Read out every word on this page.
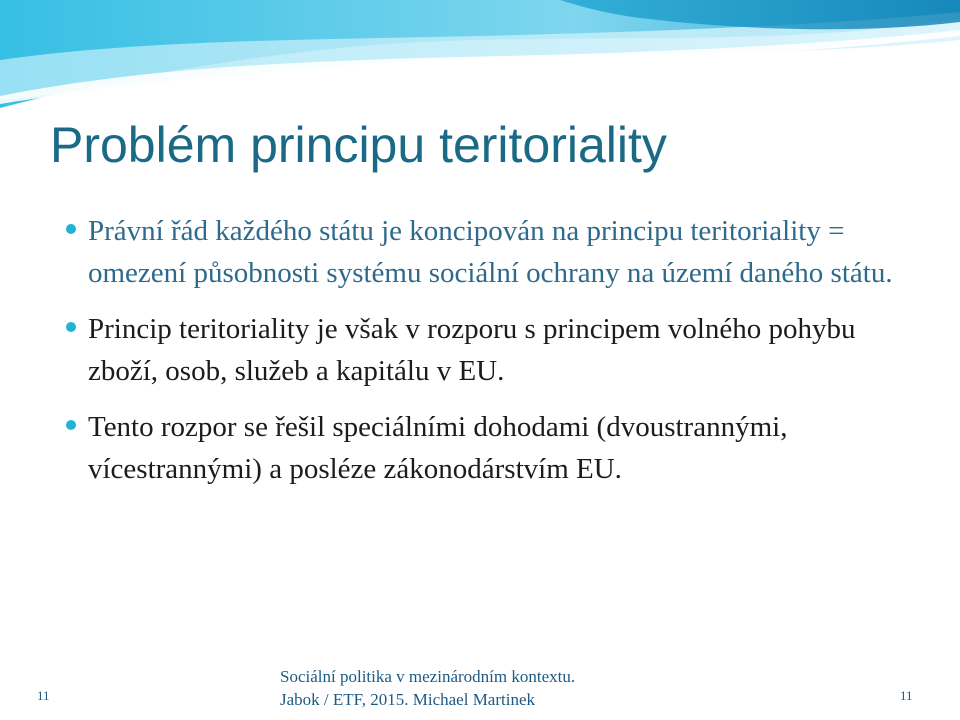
Problém principu teritoriality
Právní řád každého státu je koncipován na principu teritoriality = omezení působnosti systému sociální ochrany na území daného státu.
Princip teritoriality je však v rozporu s principem volného pohybu zboží, osob, služeb a kapitálu v EU.
Tento rozpor se řešil speciálními dohodami (dvoustrannými, vícestrannými) a posléze zákonodárstvím EU.
Sociální politika v mezinárodním kontextu.
Jabok / ETF, 2015. Michael Martinek
11	11
